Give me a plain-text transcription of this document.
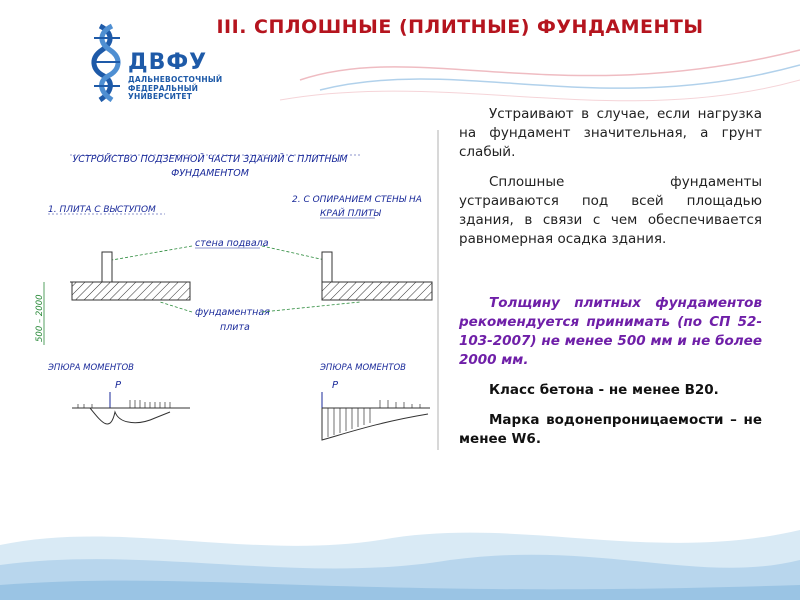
ДВФУ
ДАЛЬНЕВОСТОЧНЫЙ
ФЕДЕРАЛЬНЫЙ
УНИВЕРСИТЕТ
III. СПЛОШНЫЕ (ПЛИТНЫЕ) ФУНДАМЕНТЫ
УСТРОЙСТВО ПОДЗЕМНОЙ ЧАСТИ ЗДАНИЙ С ПЛИТНЫМ
ФУНДАМЕНТОМ
1. ПЛИТА С ВЫСТУПОМ
2. С ОПИРАНИЕМ СТЕНЫ НА
КРАЙ ПЛИТЫ
стена подвала
фундаментная
плита
500 – 2000
ЭПЮРА МОМЕНТОВ	ЭПЮРА МОМЕНТОВ
P	P

Устраивают в случае, если нагрузка на фундамент значительная, а грунт слабый.

Сплошные фундаменты устраиваются под всей площадью здания, в связи с чем обеспечивается равномерная осадка здания.

Толщину плитных фундаментов рекомендуется принимать (по СП 52-103-2007) не менее 500 мм и не более 2000 мм.

Класс бетона - не менее В20.

Марка водонепроницаемости – не менее W6.
